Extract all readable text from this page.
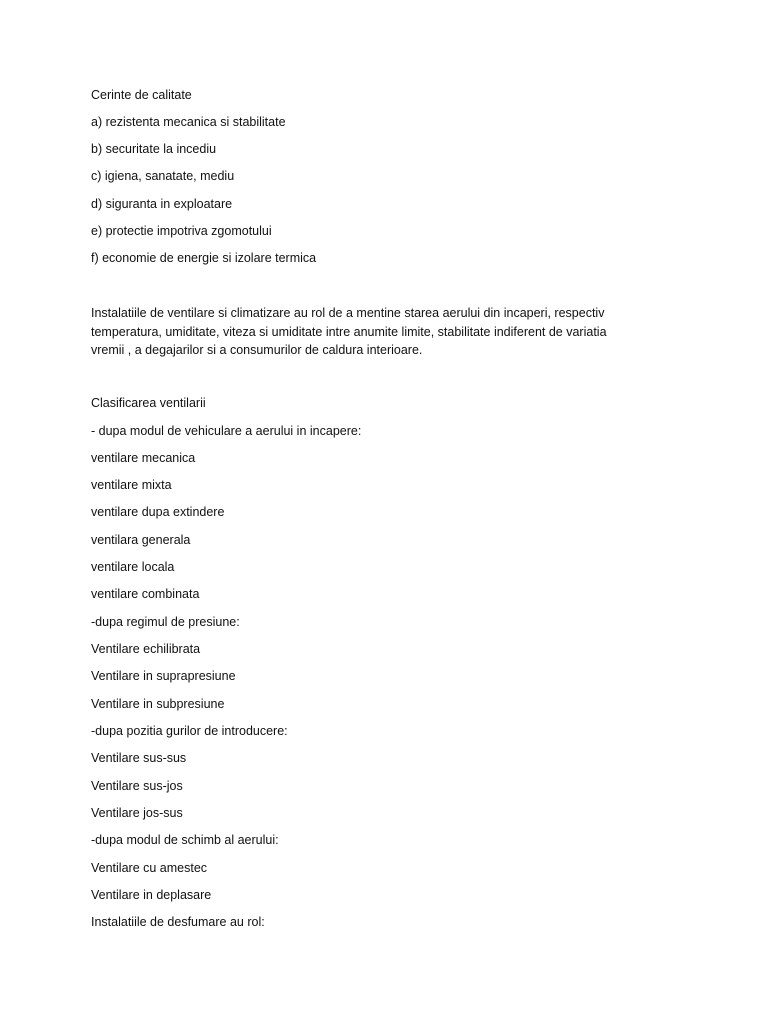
Cerinte de calitate
a) rezistenta mecanica si stabilitate
b) securitate la incediu
c) igiena, sanatate, mediu
d) siguranta in exploatare
e) protectie impotriva zgomotului
f) economie de energie si izolare termica
Instalatiile de ventilare si climatizare au rol de a mentine starea aerului din incaperi, respectiv
temperatura, umiditate, viteza si umiditate intre anumite limite, stabilitate indiferent de variatia
vremii , a degajarilor si a consumurilor de caldura interioare.
Clasificarea ventilarii
- dupa modul de vehiculare a aerului in incapere:
ventilare mecanica
ventilare mixta
ventilare dupa extindere
ventilara generala
ventilare locala
ventilare combinata
-dupa regimul de presiune:
Ventilare echilibrata
Ventilare in suprapresiune
Ventilare in subpresiune
-dupa pozitia gurilor de introducere:
Ventilare sus-sus
Ventilare sus-jos
Ventilare jos-sus
-dupa modul de schimb al aerului:
Ventilare cu amestec
Ventilare in deplasare
Instalatiile de desfumare au rol:
